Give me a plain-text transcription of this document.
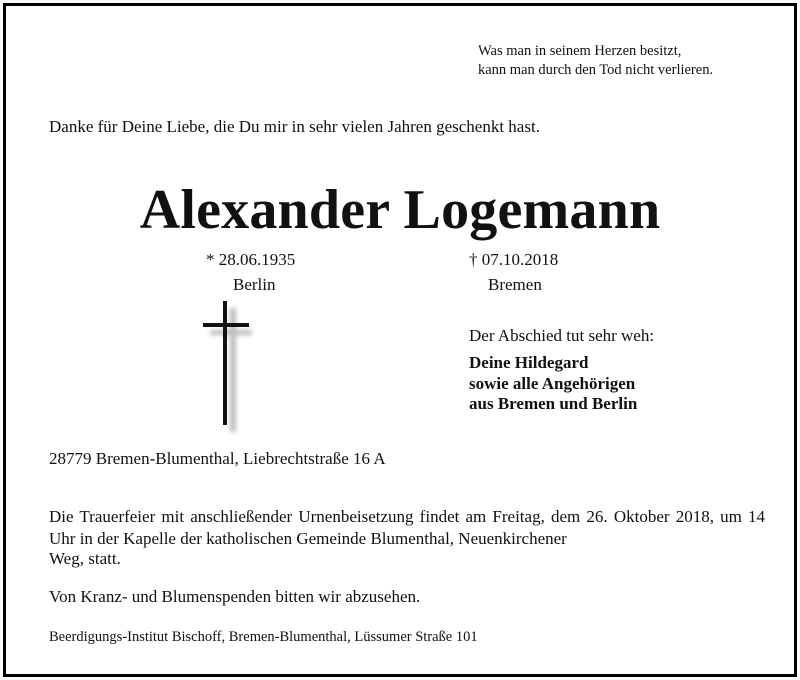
Was man in seinem Herzen besitzt,
kann man durch den Tod nicht verlieren.
Danke für Deine Liebe, die Du mir in sehr vielen Jahren geschenkt hast.
Alexander Logemann
* 28.06.1935
Berlin
† 07.10.2018
Bremen
Der Abschied tut sehr weh:
Deine Hildegard
sowie alle Angehörigen
aus Bremen und Berlin
28779 Bremen-Blumenthal, Liebrechtstraße 16 A
Die Trauerfeier mit anschließender Urnenbeisetzung findet am Freitag, dem 26. Oktober 2018, um 14 Uhr in der Kapelle der katholischen Gemeinde Blumenthal, Neuenkirchener
Weg, statt.
Von Kranz- und Blumenspenden bitten wir abzusehen.
Beerdigungs-Institut Bischoff, Bremen-Blumenthal, Lüssumer Straße 101
